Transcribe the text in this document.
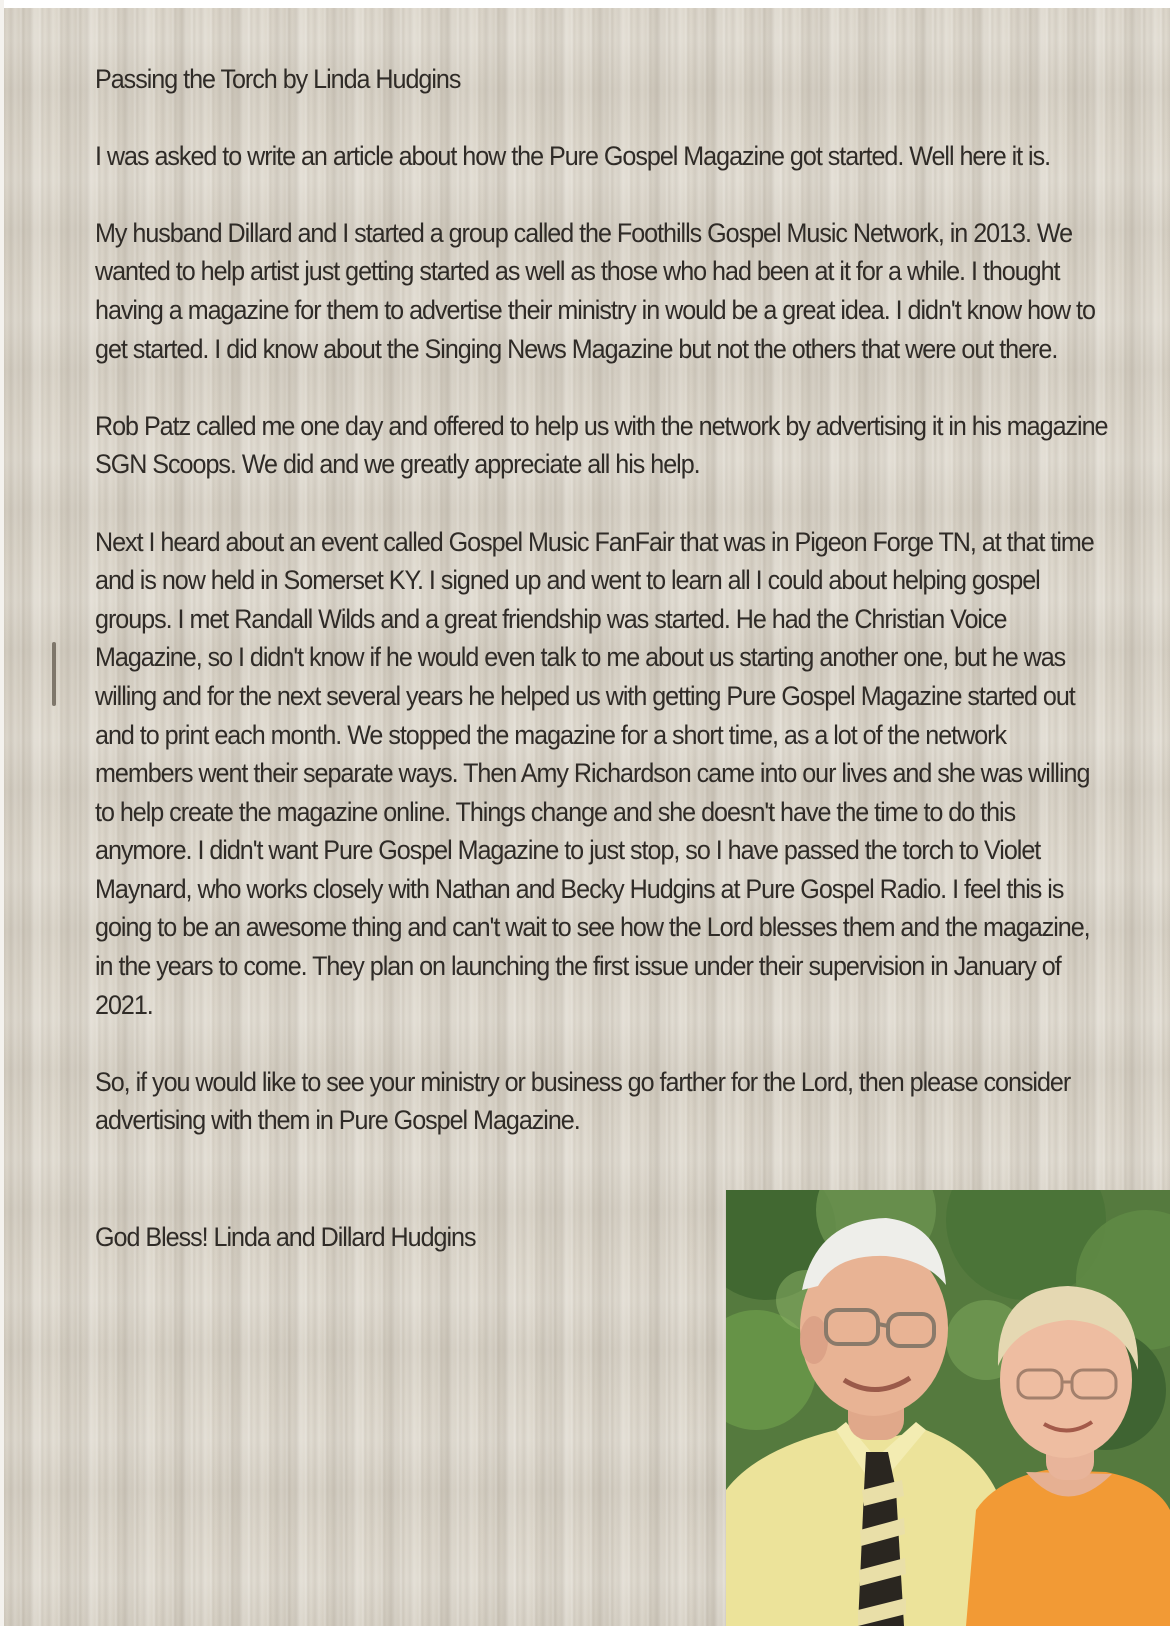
Passing the Torch by Linda Hudgins

I was asked to write an article about how the Pure Gospel Magazine got started. Well here it is.

My husband Dillard and I started a group called the Foothills Gospel Music Network, in 2013. We wanted to help artist just getting started as well as those who had been at it for a while. I thought having a magazine for them to advertise their ministry in would be a great idea. I didn't know how to get started. I did know about the Singing News Magazine but not the others that were out there.

Rob Patz called me one day and offered to help us with the network by advertising it in his magazine SGN Scoops. We did and we greatly appreciate all his help.

Next I heard about an event called Gospel Music FanFair that was in Pigeon Forge TN, at that time and is now held in Somerset KY. I signed up and went to learn all I could about helping gospel groups. I met Randall Wilds and a great friendship was started. He had the Christian Voice Magazine, so I didn't know if he would even talk to me about us starting another one, but he was willing and for the next several years he helped us with getting Pure Gospel Magazine started out and to print each month. We stopped the magazine for a short time, as a lot of the network members went their separate ways. Then Amy Richardson came into our lives and she was willing to help create the magazine online. Things change and she doesn't have the time to do this anymore. I didn't want Pure Gospel Magazine to just stop, so I have passed the torch to Violet Maynard, who works closely with Nathan and Becky Hudgins at Pure Gospel Radio. I feel this is going to be an awesome thing and can't wait to see how the Lord blesses them and the magazine, in the years to come. They plan on launching the first issue under their supervision in January of 2021.

So, if you would like to see your ministry or business go farther for the Lord, then please consider advertising with them in Pure Gospel Magazine.

God Bless! Linda and Dillard Hudgins
